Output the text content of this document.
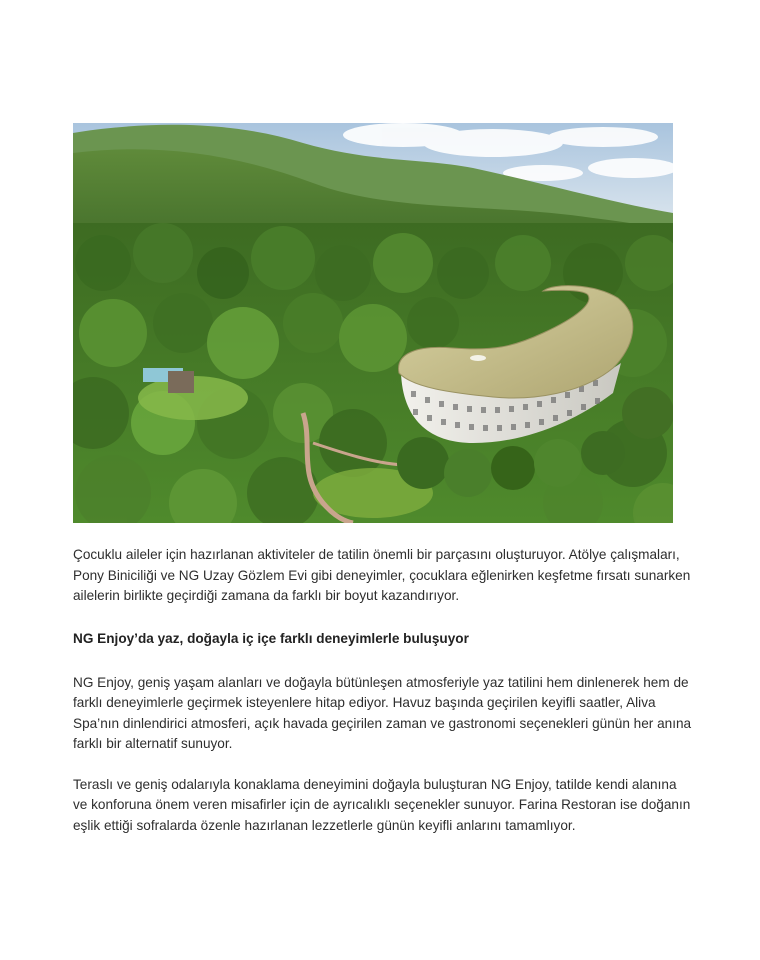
Çocuklu aileler için hazırlanan aktiviteler de tatilin önemli bir parçasını oluşturuyor. Atölye çalışmaları, Pony Biniciliği ve NG Uzay Gözlem Evi gibi deneyimler, çocuklara eğlenirken keşfetme fırsatı sunarken ailelerin birlikte geçirdiği zamana da farklı bir boyut kazandırıyor.

NG Enjoy’da yaz, doğayla iç içe farklı deneyimlerle buluşuyor

NG Enjoy, geniş yaşam alanları ve doğayla bütünleşen atmosferiyle yaz tatilini hem dinlenerek hem de farklı deneyimlerle geçirmek isteyenlere hitap ediyor. Havuz başında geçirilen keyifli saatler, Aliva Spa’nın dinlendirici atmosferi, açık havada geçirilen zaman ve gastronomi seçenekleri günün her anına farklı bir alternatif sunuyor.

Teraslı ve geniş odalarıyla konaklama deneyimini doğayla buluşturan NG Enjoy, tatilde kendi alanına ve konforuna önem veren misafirler için de ayrıcalıklı seçenekler sunuyor. Farina Restoran ise doğanın eşlik ettiği sofralarda özenle hazırlanan lezzetlerle günün keyifli anlarını tamamlıyor.
